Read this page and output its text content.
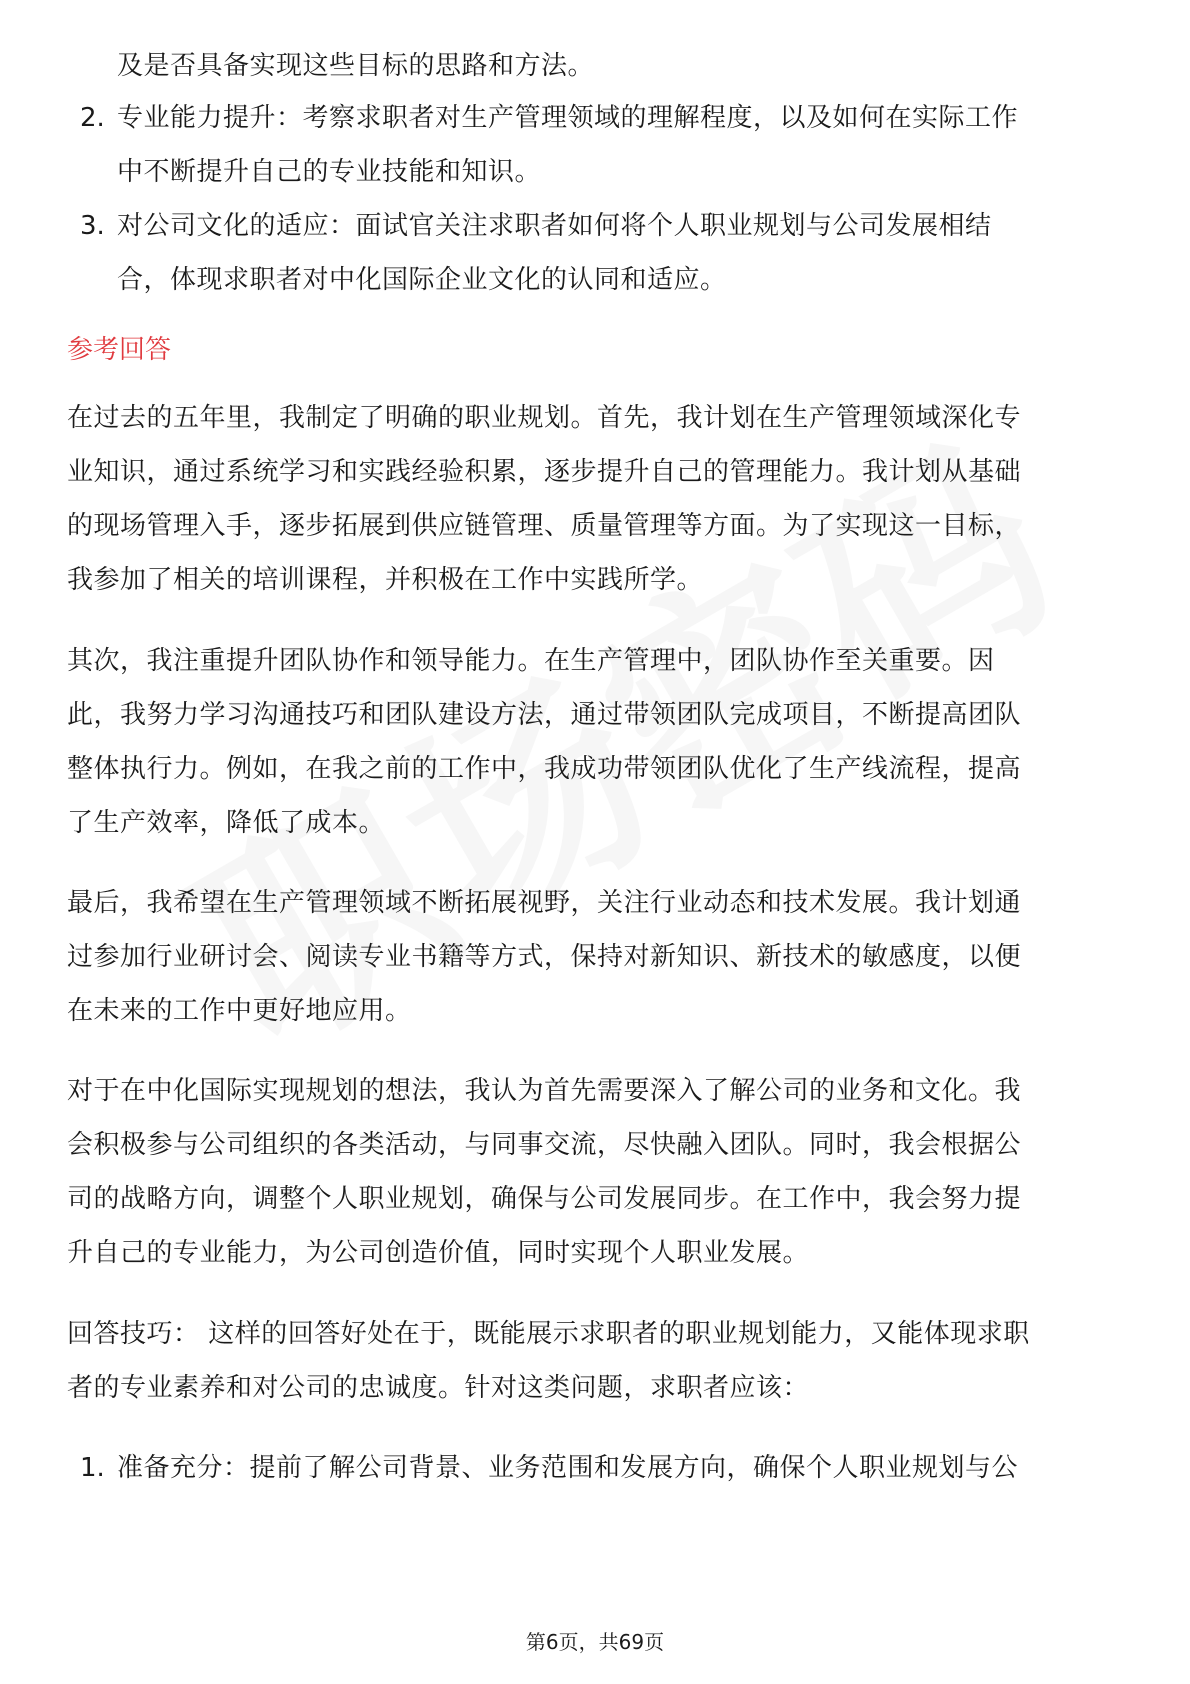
及是否具备实现这些目标的思路和方法。
2. 专业能力提升：考察求职者对生产管理领域的理解程度，以及如何在实际工作
中不断提升自己的专业技能和知识。
3. 对公司文化的适应：面试官关注求职者如何将个人职业规划与公司发展相结
合，体现求职者对中化国际企业文化的认同和适应。
参考回答
在过去的五年里，我制定了明确的职业规划。首先，我计划在生产管理领域深化专
业知识，通过系统学习和实践经验积累，逐步提升自己的管理能力。我计划从基础
的现场管理入手，逐步拓展到供应链管理、质量管理等方面。为了实现这一目标，
我参加了相关的培训课程，并积极在工作中实践所学。
其次，我注重提升团队协作和领导能力。在生产管理中，团队协作至关重要。因
此，我努力学习沟通技巧和团队建设方法，通过带领团队完成项目，不断提高团队
整体执行力。例如，在我之前的工作中，我成功带领团队优化了生产线流程，提高
了生产效率，降低了成本。
最后，我希望在生产管理领域不断拓展视野，关注行业动态和技术发展。我计划通
过参加行业研讨会、阅读专业书籍等方式，保持对新知识、新技术的敏感度，以便
在未来的工作中更好地应用。
对于在中化国际实现规划的想法，我认为首先需要深入了解公司的业务和文化。我
会积极参与公司组织的各类活动，与同事交流，尽快融入团队。同时，我会根据公
司的战略方向，调整个人职业规划，确保与公司发展同步。在工作中，我会努力提
升自己的专业能力，为公司创造价值，同时实现个人职业发展。
回答技巧： 这样的回答好处在于，既能展示求职者的职业规划能力，又能体现求职
者的专业素养和对公司的忠诚度。针对这类问题，求职者应该：
1. 准备充分：提前了解公司背景、业务范围和发展方向，确保个人职业规划与公
第6页，共69页
